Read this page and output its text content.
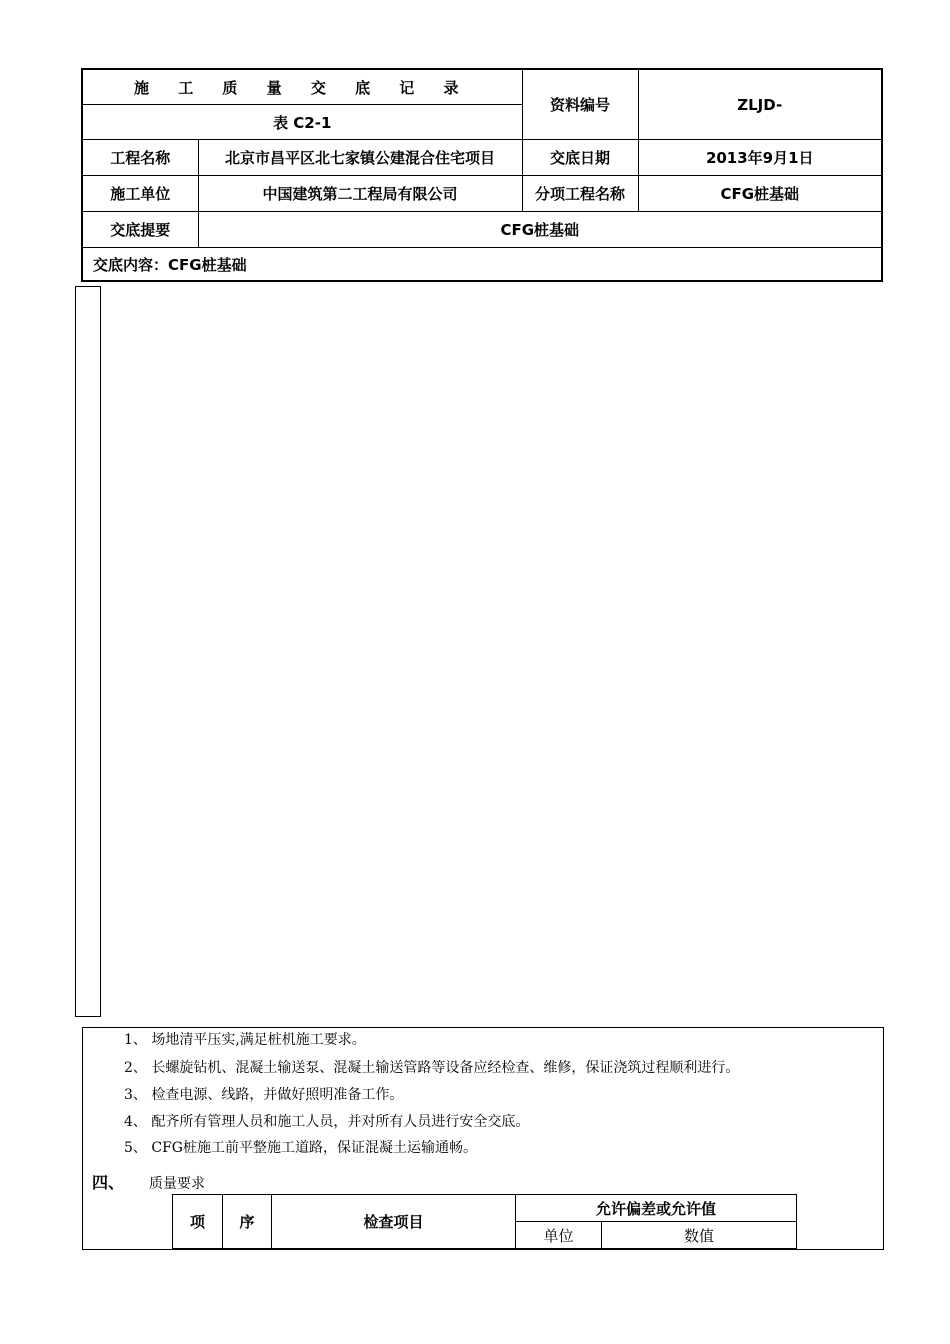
施 工 质 量 交 底 记 录		资料编号	ZLJD-
表 C2-1			
工程名称	北京市昌平区北七家镇公建混合住宅项目	交底日期	2013年9月1日
施工单位	中国建筑第二工程局有限公司	分项工程名称	CFG桩基础
交底提要	CFG桩基础		
交底内容：CFG桩基础			
1、 场地清平压实,满足桩机施工要求。
2、 长螺旋钻机、混凝土输送泵、混凝土输送管路等设备应经检查、维修，保证浇筑过程顺利进行。
3、 检查电源、线路，并做好照明准备工作。
4、 配齐所有管理人员和施工人员，并对所有人员进行安全交底。
5、 CFG桩施工前平整施工道路，保证混凝土运输通畅。
四、 质量要求
项	序	检查项目	允许偏差或允许值	
			单位	数值
